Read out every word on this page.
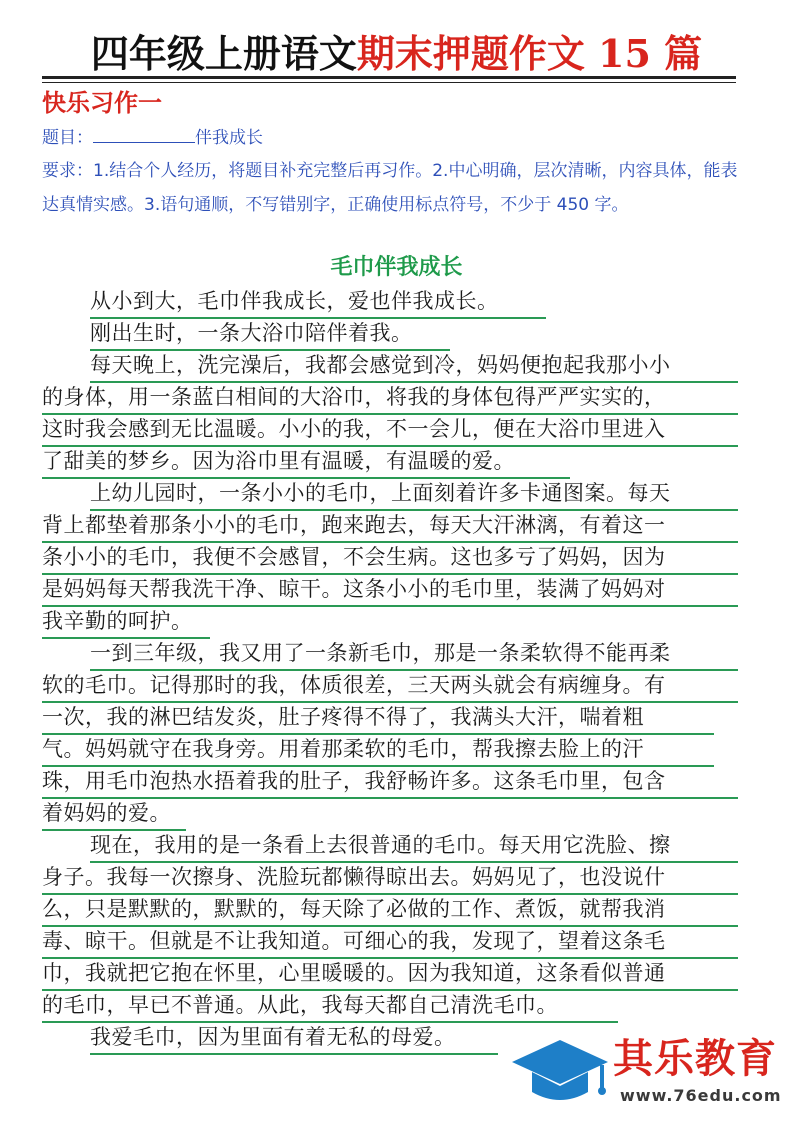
四年级上册语文期末押题作文 15 篇
快乐习作一
题目：	伴我成长
要求：1.结合个人经历，将题目补充完整后再习作。2.中心明确，层次清晰，内容具体，能表达真情实感。3.语句通顺，不写错别字，正确使用标点符号，不少于 450 字。
毛巾伴我成长
从小到大，毛巾伴我成长，爱也伴我成长。
刚出生时，一条大浴巾陪伴着我。
每天晚上，洗完澡后，我都会感觉到冷，妈妈便抱起我那小小
的身体，用一条蓝白相间的大浴巾，将我的身体包得严严实实的，
这时我会感到无比温暖。小小的我，不一会儿，便在大浴巾里进入
了甜美的梦乡。因为浴巾里有温暖，有温暖的爱。
上幼儿园时，一条小小的毛巾，上面刻着许多卡通图案。每天
背上都垫着那条小小的毛巾，跑来跑去，每天大汗淋漓，有着这一
条小小的毛巾，我便不会感冒，不会生病。这也多亏了妈妈，因为
是妈妈每天帮我洗干净、晾干。这条小小的毛巾里，装满了妈妈对
我辛勤的呵护。
一到三年级，我又用了一条新毛巾，那是一条柔软得不能再柔
软的毛巾。记得那时的我，体质很差，三天两头就会有病缠身。有
一次，我的淋巴结发炎，肚子疼得不得了，我满头大汗，喘着粗
气。妈妈就守在我身旁。用着那柔软的毛巾，帮我擦去脸上的汗
珠，用毛巾泡热水捂着我的肚子，我舒畅许多。这条毛巾里，包含
着妈妈的爱。
现在，我用的是一条看上去很普通的毛巾。每天用它洗脸、擦
身子。我每一次擦身、洗脸玩都懒得晾出去。妈妈见了，也没说什
么，只是默默的，默默的，每天除了必做的工作、煮饭，就帮我消
毒、晾干。但就是不让我知道。可细心的我，发现了，望着这条毛
巾，我就把它抱在怀里，心里暖暖的。因为我知道，这条看似普通
的毛巾，早已不普通。从此，我每天都自己清洗毛巾。
我爱毛巾，因为里面有着无私的母爱。	其乐教育
www.76edu.com
